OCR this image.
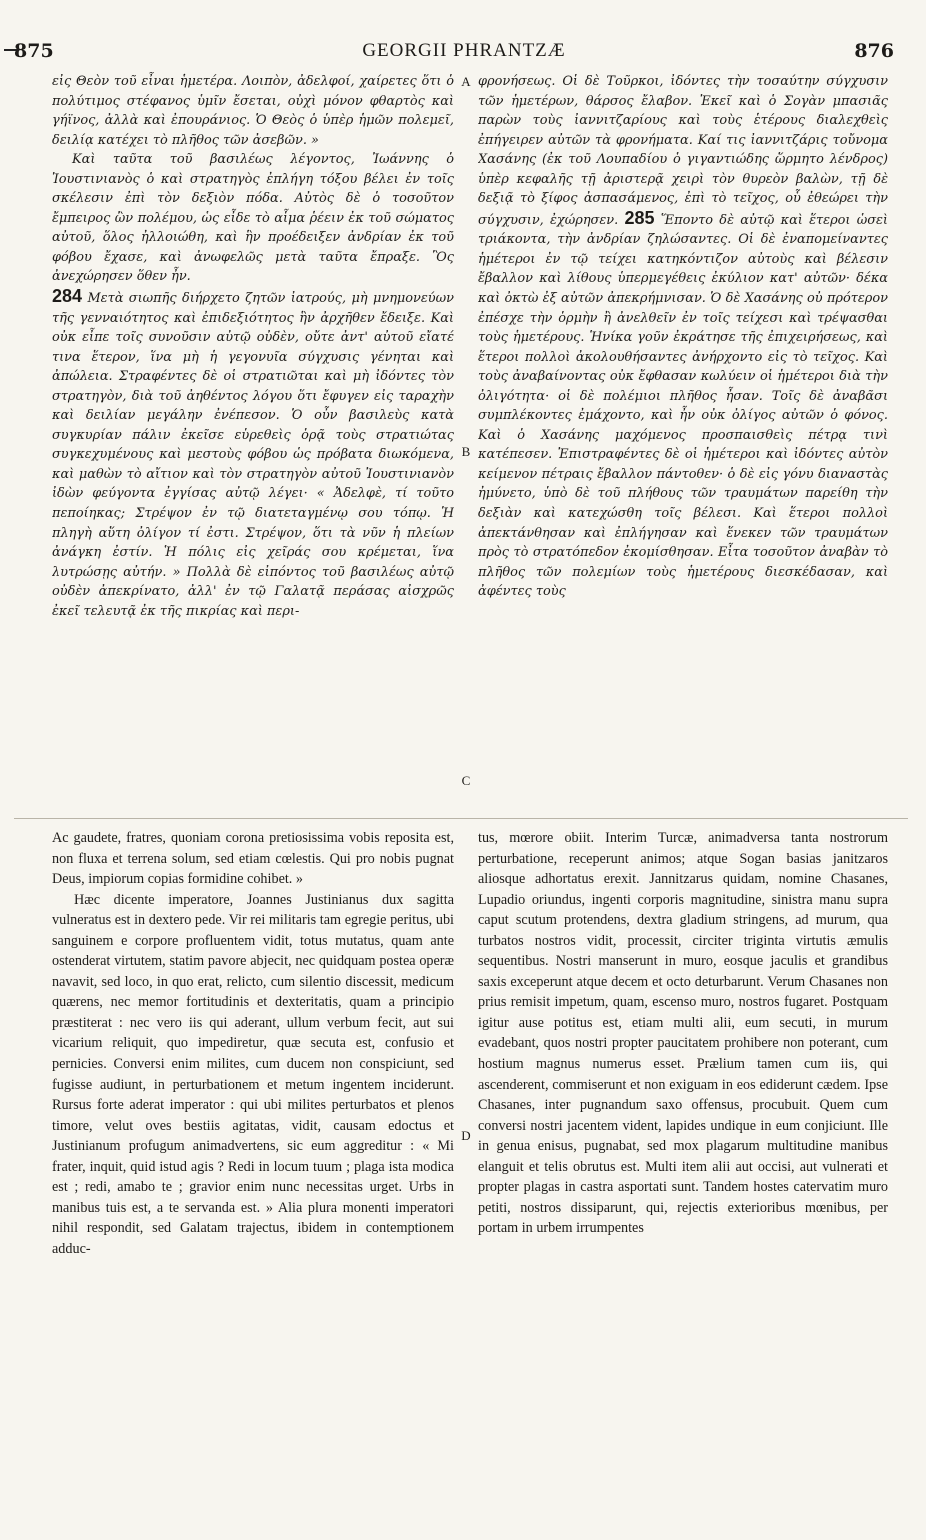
875	GEORGII PHRANTZÆ	876
A
B
C
D

εἰς Θεὸν τοῦ εἶναι ἡμετέρα. Λοιπὸν, ἀδελφοί, χαίρετες ὅτι ὁ πολύτιμος στέφανος ὑμῖν ἔσεται, οὐχὶ μόνον φθαρτὸς καὶ γήϊνος, ἀλλὰ καὶ ἐπουράνιος. Ὁ Θεὸς ὁ ὑπὲρ ἡμῶν πολεμεῖ, δειλίᾳ κατέχει τὸ πλῆθος τῶν ἀσεβῶν. »

Καὶ ταῦτα τοῦ βασιλέως λέγοντος, Ἰωάννης ὁ Ἰουστινιανὸς ὁ καὶ στρατηγὸς ἐπλήγη τόξου βέλει ἐν τοῖς σκέλεσιν ἐπὶ τὸν δεξιὸν πόδα. Αὐτὸς δὲ ὁ τοσοῦτον ἔμπειρος ὢν πολέμου, ὡς εἶδε τὸ αἷμα ῥέειν ἐκ τοῦ σώματος αὐτοῦ, ὅλος ἠλλοιώθη, καὶ ἣν προέδειξεν ἀνδρίαν ἐκ τοῦ φόβου ἔχασε, καὶ ἀνωφελῶς μετὰ ταῦτα ἔπραξε. Ὃς ἀνεχώρησεν ὅθεν ἦν.

284 Μετὰ σιωπῆς διήρχετο ζητῶν ἰατρούς, μὴ μνημονεύων τῆς γενναιότητος καὶ ἐπιδεξιότητος ἣν ἀρχῆθεν ἔδειξε. Καὶ οὐκ εἶπε τοῖς συνοῦσιν αὐτῷ οὐδὲν, οὔτε ἀντ' αὐτοῦ εἴατέ τινα ἕτερον, ἵνα μὴ ἡ γεγονυῖα σύγχυσις γένηται καὶ ἀπώλεια. Στραφέντες δὲ οἱ στρατιῶται καὶ μὴ ἰδόντες τὸν στρατηγὸν, διὰ τοῦ ἀηθέντος λόγου ὅτι ἔφυγεν εἰς ταραχὴν καὶ δειλίαν μεγάλην ἐνέπεσον. Ὁ οὖν βασιλεὺς κατὰ συγκυρίαν πάλιν ἐκεῖσε εὑρεθεὶς ὁρᾷ τοὺς στρατιώτας συγκεχυμένους καὶ μεστοὺς φόβου ὡς πρόβατα διωκόμενα, καὶ μαθὼν τὸ αἴτιον καὶ τὸν στρατηγὸν αὐτοῦ Ἰουστινιανὸν ἰδὼν φεύγοντα ἐγγίσας αὐτῷ λέγει· « Ἀδελφὲ, τί τοῦτο πεποίηκας; Στρέψον ἐν τῷ διατεταγμένῳ σου τόπῳ. Ἡ πληγὴ αὕτη ὀλίγον τί ἐστι. Στρέψον, ὅτι τὰ νῦν ἡ πλείων ἀνάγκη ἐστίν. Ἡ πόλις εἰς χεῖράς σου κρέμεται, ἵνα λυτρώσῃς αὐτήν. » Πολλὰ δὲ εἰπόντος τοῦ βασιλέως αὐτῷ οὐδὲν ἀπεκρίνατο, ἀλλ' ἐν τῷ Γαλατᾷ περάσας αἰσχρῶς ἐκεῖ τελευτᾷ ἐκ τῆς πικρίας καὶ περι-

φρονήσεως. Οἱ δὲ Τοῦρκοι, ἰδόντες τὴν τοσαύτην σύγχυσιν τῶν ἡμετέρων, θάρσος ἔλαβον. Ἐκεῖ καὶ ὁ Σογὰν μπασιᾶς παρὼν τοὺς ἰαννιτζαρίους καὶ τοὺς ἑτέρους διαλεχθεὶς ἐπήγειρεν αὐτῶν τὰ φρονήματα. Καί τις ἰαννιτζάρις τοὔνομα Χασάνης (ἐκ τοῦ Λουπαδίου ὁ γιγαντιώδης ὥρμητο λένδρος) ὑπὲρ κεφαλῆς τῇ ἀριστερᾷ χειρὶ τὸν θυρεὸν βαλὼν, τῇ δὲ δεξιᾷ τὸ ξίφος ἀσπασάμενος, ἐπὶ τὸ τεῖχος, οὗ ἐθεώρει τὴν σύγχυσιν, ἐχώρησεν. 285 Ἕποντο δὲ αὐτῷ καὶ ἕτεροι ὡσεὶ τριάκοντα, τὴν ἀνδρίαν ζηλώσαντες. Οἱ δὲ ἐναπομείναντες ἡμέτεροι ἐν τῷ τείχει κατηκόντιζον αὐτοὺς καὶ βέλεσιν ἔβαλλον καὶ λίθους ὑπερμεγέθεις ἐκύλιον κατ' αὐτῶν· δέκα καὶ ὀκτὼ ἐξ αὐτῶν ἀπεκρήμνισαν. Ὁ δὲ Χασάνης οὐ πρότερον ἐπέσχε τὴν ὁρμὴν ἢ ἀνελθεῖν ἐν τοῖς τείχεσι καὶ τρέψασθαι τοὺς ἡμετέρους. Ἡνίκα γοῦν ἐκράτησε τῆς ἐπιχειρήσεως, καὶ ἕτεροι πολλοὶ ἀκολουθήσαντες ἀνήρχοντο εἰς τὸ τεῖχος. Καὶ τοὺς ἀναβαίνοντας οὐκ ἔφθασαν κωλύειν οἱ ἡμέτεροι διὰ τὴν ὀλιγότητα· οἱ δὲ πολέμιοι πλῆθος ἦσαν. Τοῖς δὲ ἀναβᾶσι συμπλέκοντες ἐμάχοντο, καὶ ἦν οὐκ ὀλίγος αὐτῶν ὁ φόνος. Καὶ ὁ Χασάνης μαχόμενος προσπαισθεὶς πέτρᾳ τινὶ κατέπεσεν. Ἐπιστραφέντες δὲ οἱ ἡμέτεροι καὶ ἰδόντες αὐτὸν κείμενον πέτραις ἔβαλλον πάντοθεν· ὁ δὲ εἰς γόνυ διαναστὰς ἠμύνετο, ὑπὸ δὲ τοῦ πλήθους τῶν τραυμάτων παρείθη τὴν δεξιὰν καὶ κατεχώσθη τοῖς βέλεσι. Καὶ ἕτεροι πολλοὶ ἀπεκτάνθησαν καὶ ἐπλήγησαν καὶ ἕνεκεν τῶν τραυμάτων πρὸς τὸ στρατόπεδον ἐκομίσθησαν. Εἶτα τοσοῦτον ἀναβὰν τὸ πλῆθος τῶν πολεμίων τοὺς ἡμετέρους διεσκέδασαν, καὶ ἀφέντες τοὺς

Ac gaudete, fratres, quoniam corona pretiosissima vobis reposita est, non fluxa et terrena solum, sed etiam cœlestis. Qui pro nobis pugnat Deus, impiorum copias formidine cohibet. »

Hæc dicente imperatore, Joannes Justinianus dux sagitta vulneratus est in dextero pede. Vir rei militaris tam egregie peritus, ubi sanguinem e corpore profluentem vidit, totus mutatus, quam ante ostenderat virtutem, statim pavore abjecit, nec quidquam postea operæ navavit, sed loco, in quo erat, relicto, cum silentio discessit, medicum quærens, nec memor fortitudinis et dexteritatis, quam a principio præstiterat : nec vero iis qui aderant, ullum verbum fecit, aut sui vicarium reliquit, quo impediretur, quæ secuta est, confusio et pernicies. Conversi enim milites, cum ducem non conspiciunt, sed fugisse audiunt, in perturbationem et metum ingentem inciderunt. Rursus forte aderat imperator : qui ubi milites perturbatos et plenos timore, velut oves bestiis agitatas, vidit, causam edoctus et Justinianum profugum animadvertens, sic eum aggreditur : « Mi frater, inquit, quid istud agis ? Redi in locum tuum ; plaga ista modica est ; redi, amabo te ; gravior enim nunc necessitas urget. Urbs in manibus tuis est, a te servanda est. » Alia plura monenti imperatori nihil respondit, sed Galatam trajectus, ibidem in contemptionem adduc-

tus, mœrore obiit. Interim Turcæ, animadversa tanta nostrorum perturbatione, receperunt animos; atque Sogan basias janitzaros aliosque adhortatus erexit. Jannitzarus quidam, nomine Chasanes, Lupadio oriundus, ingenti corporis magnitudine, sinistra manu supra caput scutum protendens, dextra gladium stringens, ad murum, qua turbatos nostros vidit, processit, circiter triginta virtutis æmulis sequentibus. Nostri manserunt in muro, eosque jaculis et grandibus saxis exceperunt atque decem et octo deturbarunt. Verum Chasanes non prius remisit impetum, quam, escenso muro, nostros fugaret. Postquam igitur ause potitus est, etiam multi alii, eum secuti, in murum evadebant, quos nostri propter paucitatem prohibere non poterant, cum hostium magnus numerus esset. Prælium tamen cum iis, qui ascenderent, commiserunt et non exiguam in eos ediderunt cædem. Ipse Chasanes, inter pugnandum saxo offensus, procubuit. Quem cum conversi nostri jacentem vident, lapides undique in eum conjiciunt. Ille in genua enisus, pugnabat, sed mox plagarum multitudine manibus elanguit et telis obrutus est. Multi item alii aut occisi, aut vulnerati et propter plagas in castra asportati sunt. Tandem hostes catervatim muro petiti, nostros dissiparunt, qui, rejectis exterioribus mœnibus, per portam in urbem irrumpentes
